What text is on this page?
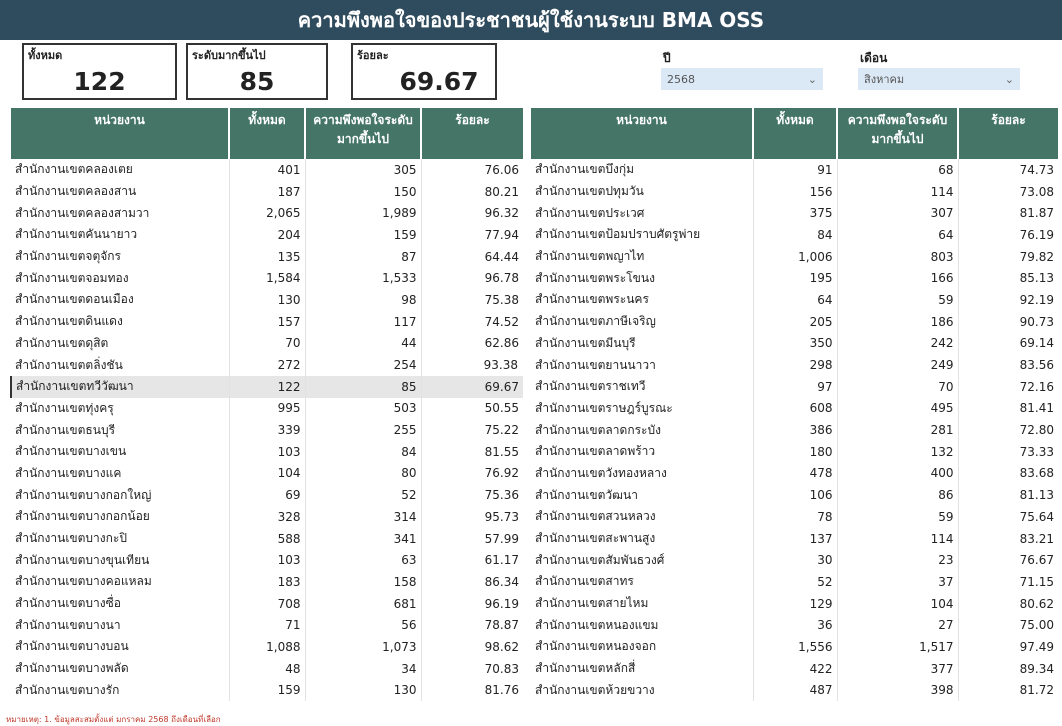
ความพึงพอใจของประชาชนผู้ใช้งานระบบ BMA OSS
ทั้งหมด
122
ระดับมากขึ้นไป
85
ร้อยละ
69.67
ปี
2568	⌄
เดือน
สิงหาคม	⌄
หน่วยงาน	ทั้งหมด	ความพึงพอใจระดับมากขึ้นไป	ร้อยละ
สำนักงานเขตคลองเตย	401	305	76.06
สำนักงานเขตคลองสาน	187	150	80.21
สำนักงานเขตคลองสามวา	2,065	1,989	96.32
สำนักงานเขตคันนายาว	204	159	77.94
สำนักงานเขตจตุจักร	135	87	64.44
สำนักงานเขตจอมทอง	1,584	1,533	96.78
สำนักงานเขตดอนเมือง	130	98	75.38
สำนักงานเขตดินแดง	157	117	74.52
สำนักงานเขตดุสิต	70	44	62.86
สำนักงานเขตตลิ่งชัน	272	254	93.38
สำนักงานเขตทวีวัฒนา	122	85	69.67
สำนักงานเขตทุ่งครุ	995	503	50.55
สำนักงานเขตธนบุรี	339	255	75.22
สำนักงานเขตบางเขน	103	84	81.55
สำนักงานเขตบางแค	104	80	76.92
สำนักงานเขตบางกอกใหญ่	69	52	75.36
สำนักงานเขตบางกอกน้อย	328	314	95.73
สำนักงานเขตบางกะปิ	588	341	57.99
สำนักงานเขตบางขุนเทียน	103	63	61.17
สำนักงานเขตบางคอแหลม	183	158	86.34
สำนักงานเขตบางซื่อ	708	681	96.19
สำนักงานเขตบางนา	71	56	78.87
สำนักงานเขตบางบอน	1,088	1,073	98.62
สำนักงานเขตบางพลัด	48	34	70.83
สำนักงานเขตบางรัก	159	130	81.76
หน่วยงาน	ทั้งหมด	ความพึงพอใจระดับมากขึ้นไป	ร้อยละ
สำนักงานเขตบึงกุ่ม	91	68	74.73
สำนักงานเขตปทุมวัน	156	114	73.08
สำนักงานเขตประเวศ	375	307	81.87
สำนักงานเขตป้อมปราบศัตรูพ่าย	84	64	76.19
สำนักงานเขตพญาไท	1,006	803	79.82
สำนักงานเขตพระโขนง	195	166	85.13
สำนักงานเขตพระนคร	64	59	92.19
สำนักงานเขตภาษีเจริญ	205	186	90.73
สำนักงานเขตมีนบุรี	350	242	69.14
สำนักงานเขตยานนาวา	298	249	83.56
สำนักงานเขตราชเทวี	97	70	72.16
สำนักงานเขตราษฎร์บูรณะ	608	495	81.41
สำนักงานเขตลาดกระบัง	386	281	72.80
สำนักงานเขตลาดพร้าว	180	132	73.33
สำนักงานเขตวังทองหลาง	478	400	83.68
สำนักงานเขตวัฒนา	106	86	81.13
สำนักงานเขตสวนหลวง	78	59	75.64
สำนักงานเขตสะพานสูง	137	114	83.21
สำนักงานเขตสัมพันธวงศ์	30	23	76.67
สำนักงานเขตสาทร	52	37	71.15
สำนักงานเขตสายไหม	129	104	80.62
สำนักงานเขตหนองแขม	36	27	75.00
สำนักงานเขตหนองจอก	1,556	1,517	97.49
สำนักงานเขตหลักสี่	422	377	89.34
สำนักงานเขตห้วยขวาง	487	398	81.72
หมายเหตุ: 1. ข้อมูลสะสมตั้งแต่ มกราคม 2568 ถึงเดือนที่เลือก
